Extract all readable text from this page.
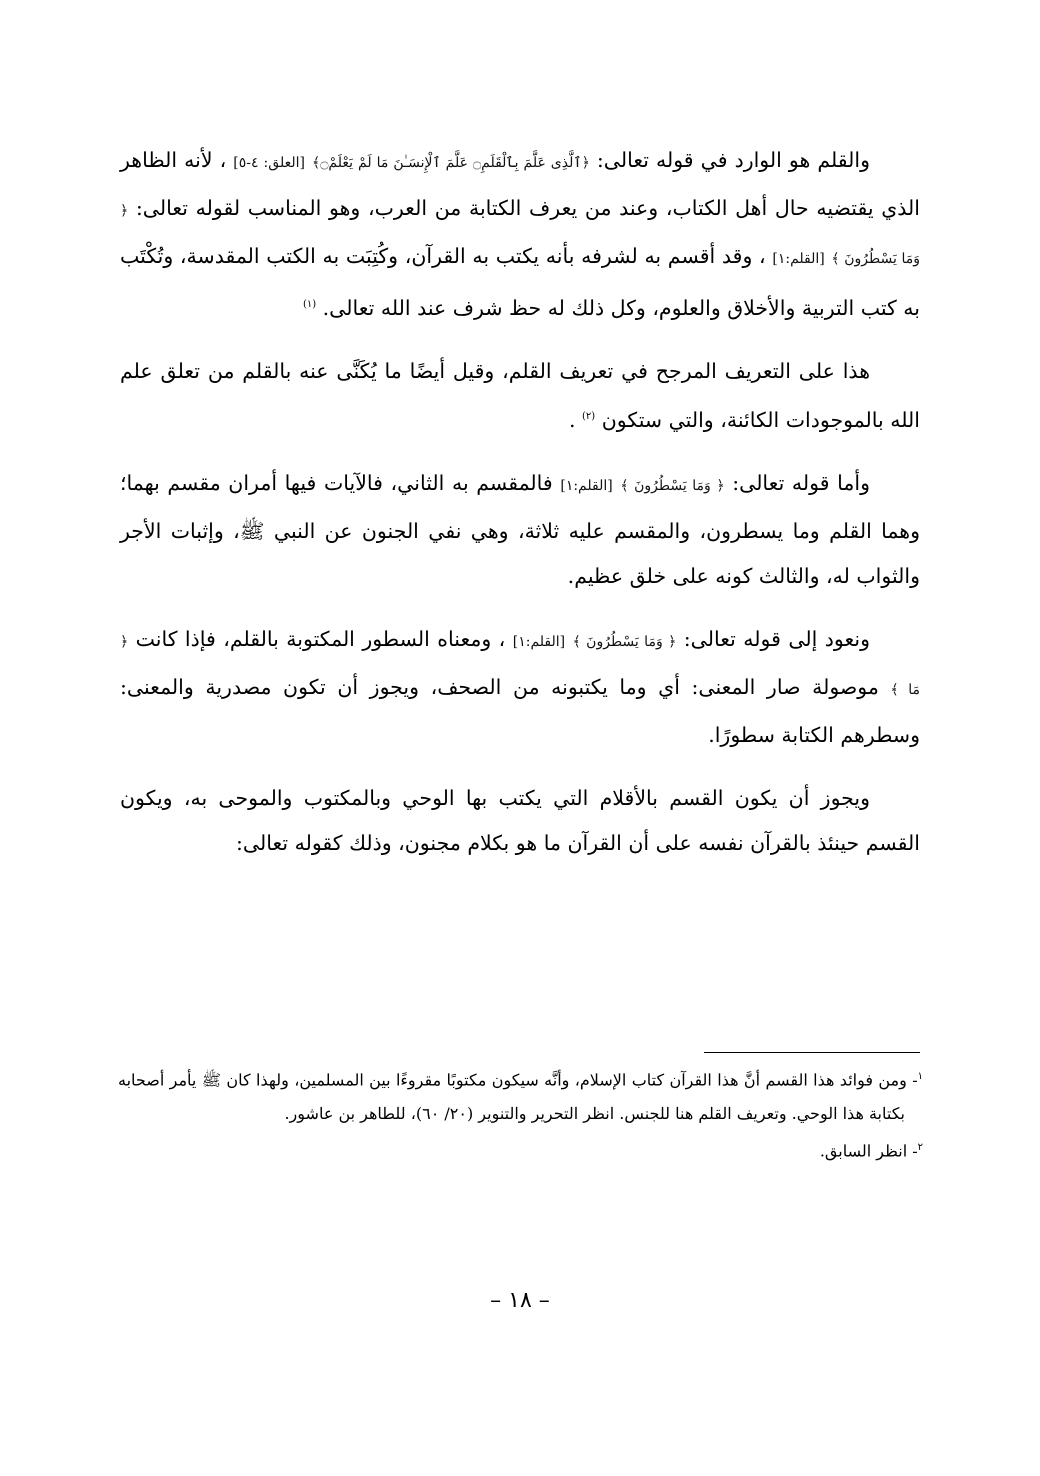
والقلم هو الوارد في قوله تعالى: ﴿ٱلَّذِى عَلَّمَ بِٱلْقَلَمِ۝ عَلَّمَ ٱلْإِنسَـٰنَ مَا لَمْ يَعْلَمْ۝﴾ [العلق: ٤-٥] ، لأنه الظاهر الذي يقتضيه حال أهل الكتاب، وعند من يعرف الكتابة من العرب، وهو المناسب لقوله تعالى: ﴿ وَمَا يَسْطُرُونَ ﴾ [القلم:١] ، وقد أقسم به لشرفه بأنه يكتب به القرآن، وكُتِبَت به الكتب المقدسة، وتُكْتَب به كتب التربية والأخلاق والعلوم، وكل ذلك له حظ شرف عند الله تعالى. $^{(١)}$

هذا على التعريف المرجح في تعريف القلم، وقيل أيضًا ما يُكَنَّى عنه بالقلم من تعلق علم الله بالموجودات الكائنة، والتي ستكون $^{(٢)}$ .

وأما قوله تعالى: ﴿ وَمَا يَسْطُرُونَ ﴾ [القلم:١] فالمقسم به الثاني، فالآيات فيها أمران مقسم بهما؛ وهما القلم وما يسطرون، والمقسم عليه ثلاثة، وهي نفي الجنون عن النبي ﷺ، وإثبات الأجر والثواب له، والثالث كونه على خلق عظيم.

ونعود إلى قوله تعالى: ﴿ وَمَا يَسْطُرُونَ ﴾ [القلم:١] ، ومعناه السطور المكتوبة بالقلم، فإذا كانت ﴿ مَا ﴾ موصولة صار المعنى: أي وما يكتبونه من الصحف، ويجوز أن تكون مصدرية والمعنى: وسطرهم الكتابة سطورًا.

ويجوز أن يكون القسم بالأقلام التي يكتب بها الوحي وبالمكتوب والموحى به، ويكون القسم حينئذ بالقرآن نفسه على أن القرآن ما هو بكلام مجنون، وذلك كقوله تعالى:

$^١$- ومن فوائد هذا القسم أنَّ هذا القرآن كتاب الإسلام، وأنَّه سيكون مكتوبًا مقروءًا بين المسلمين، ولهذا كان ﷺ يأمر أصحابه بكتابة هذا الوحي. وتعريف القلم هنا للجنس. انظر التحرير والتنوير (٢٠/ ٦٠)، للطاهر بن عاشور.

$^٢$- انظر السابق.

– ١٨ –
